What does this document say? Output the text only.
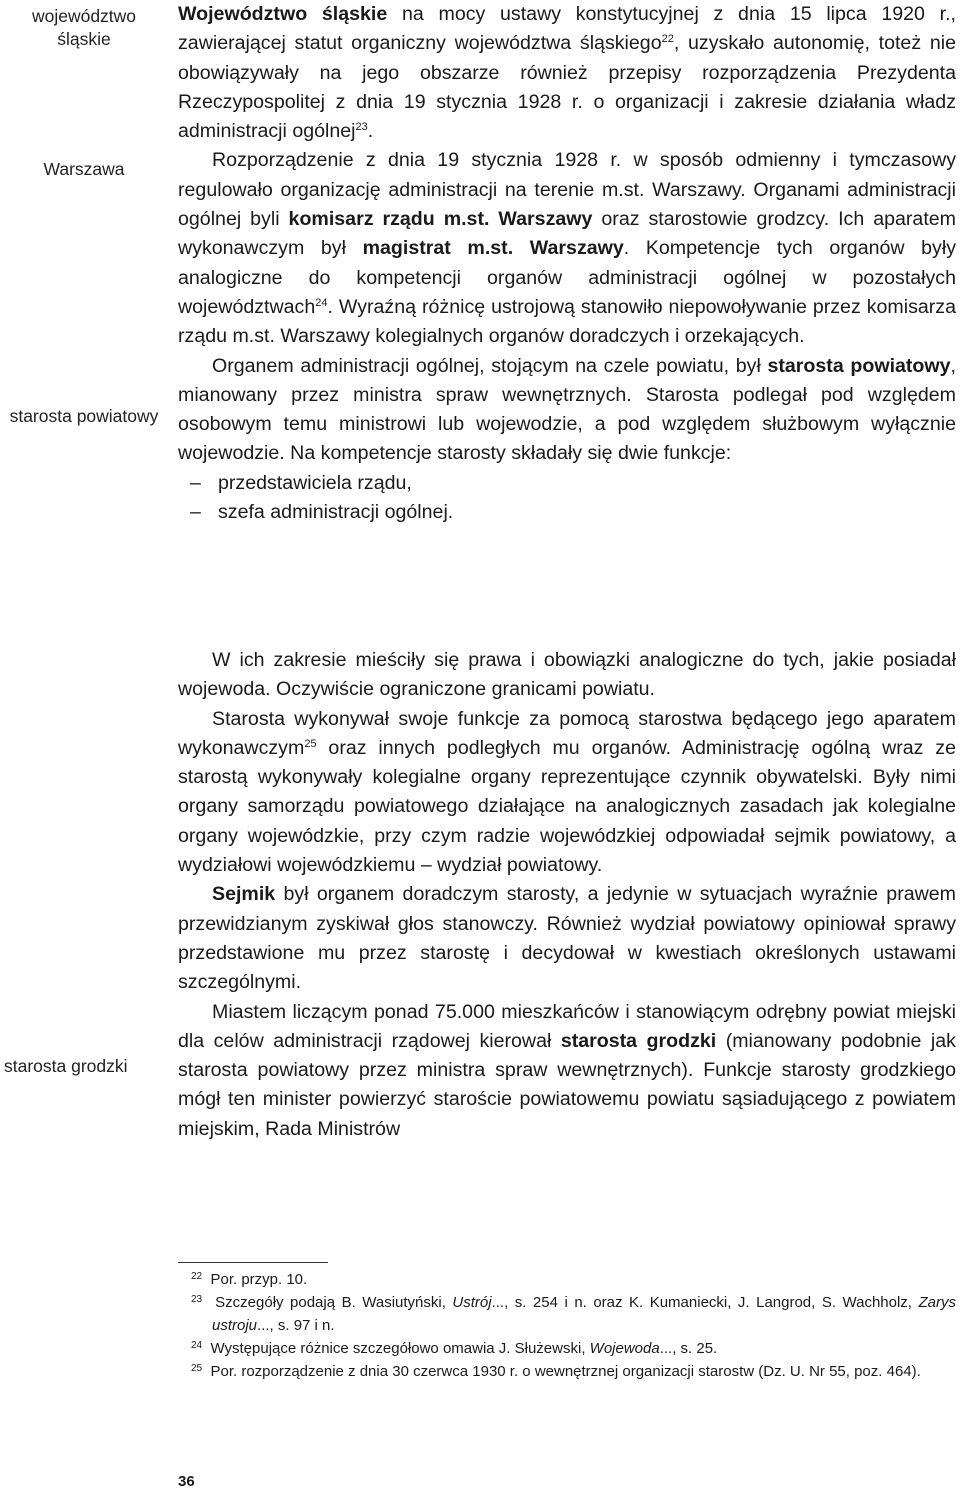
województwo śląskie
Warszawa
starosta powiatowy
starosta grodzki

Województwo śląskie na mocy ustawy konstytucyjnej z dnia 15 lipca 1920 r., zawierającej statut organiczny województwa śląskiego$^{22}$, uzyskało autonomię, toteż nie obowiązywały na jego obszarze również przepisy rozporządzenia Prezydenta Rzeczypospolitej z dnia 19 stycznia 1928 r. o organizacji i zakresie działania władz administracji ogólnej$^{23}$.

Rozporządzenie z dnia 19 stycznia 1928 r. w sposób odmienny i tymczasowy regulowało organizację administracji na terenie m.st. Warszawy. Organami administracji ogólnej byli komisarz rządu m.st. Warszawy oraz starostowie grodzcy. Ich aparatem wykonawczym był magistrat m.st. Warszawy. Kompetencje tych organów były analogiczne do kompetencji organów administracji ogólnej w pozostałych województwach$^{24}$. Wyraźną różnicę ustrojową stanowiło niepowoływanie przez komisarza rządu m.st. Warszawy kolegialnych organów doradczych i orzekających.

Organem administracji ogólnej, stojącym na czele powiatu, był starosta powiatowy, mianowany przez ministra spraw wewnętrznych. Starosta podlegał pod względem osobowym temu ministrowi lub wojewodzie, a pod względem służbowym wyłącznie wojewodzie. Na kompetencje starosty składały się dwie funkcje:

– przedstawiciela rządu,
– szefa administracji ogólnej.

W ich zakresie mieściły się prawa i obowiązki analogiczne do tych, jakie posiadał wojewoda. Oczywiście ograniczone granicami powiatu.

Starosta wykonywał swoje funkcje za pomocą starostwa będącego jego aparatem wykonawczym$^{25}$ oraz innych podległych mu organów. Administrację ogólną wraz ze starostą wykonywały kolegialne organy reprezentujące czynnik obywatelski. Były nimi organy samorządu powiatowego działające na analogicznych zasadach jak kolegialne organy wojewódzkie, przy czym radzie wojewódzkiej odpowiadał sejmik powiatowy, a wydziałowi wojewódzkiemu – wydział powiatowy.

Sejmik był organem doradczym starosty, a jedynie w sytuacjach wyraźnie prawem przewidzianym zyskiwał głos stanowczy. Również wydział powiatowy opiniował sprawy przedstawione mu przez starostę i decydował w kwestiach określonych ustawami szczególnymi.

Miastem liczącym ponad 75.000 mieszkańców i stanowiącym odrębny powiat miejski dla celów administracji rządowej kierował starosta grodzki (mianowany podobnie jak starosta powiatowy przez ministra spraw wewnętrznych). Funkcje starosty grodzkiego mógł ten minister powierzyć staroście powiatowemu powiatu sąsiadującego z powiatem miejskim, Rada Ministrów

$^{22}$ Por. przyp. 10.

$^{23}$ Szczegóły podają B. Wasiutyński, Ustrój..., s. 254 i n. oraz K. Kumaniecki, J. Langrod, S. Wachholz, Zarys ustroju..., s. 97 i n.

$^{24}$ Występujące różnice szczegółowo omawia J. Służewski, Wojewoda..., s. 25.

$^{25}$ Por. rozporządzenie z dnia 30 czerwca 1930 r. o wewnętrznej organizacji starostw (Dz. U. Nr 55, poz. 464).

36
